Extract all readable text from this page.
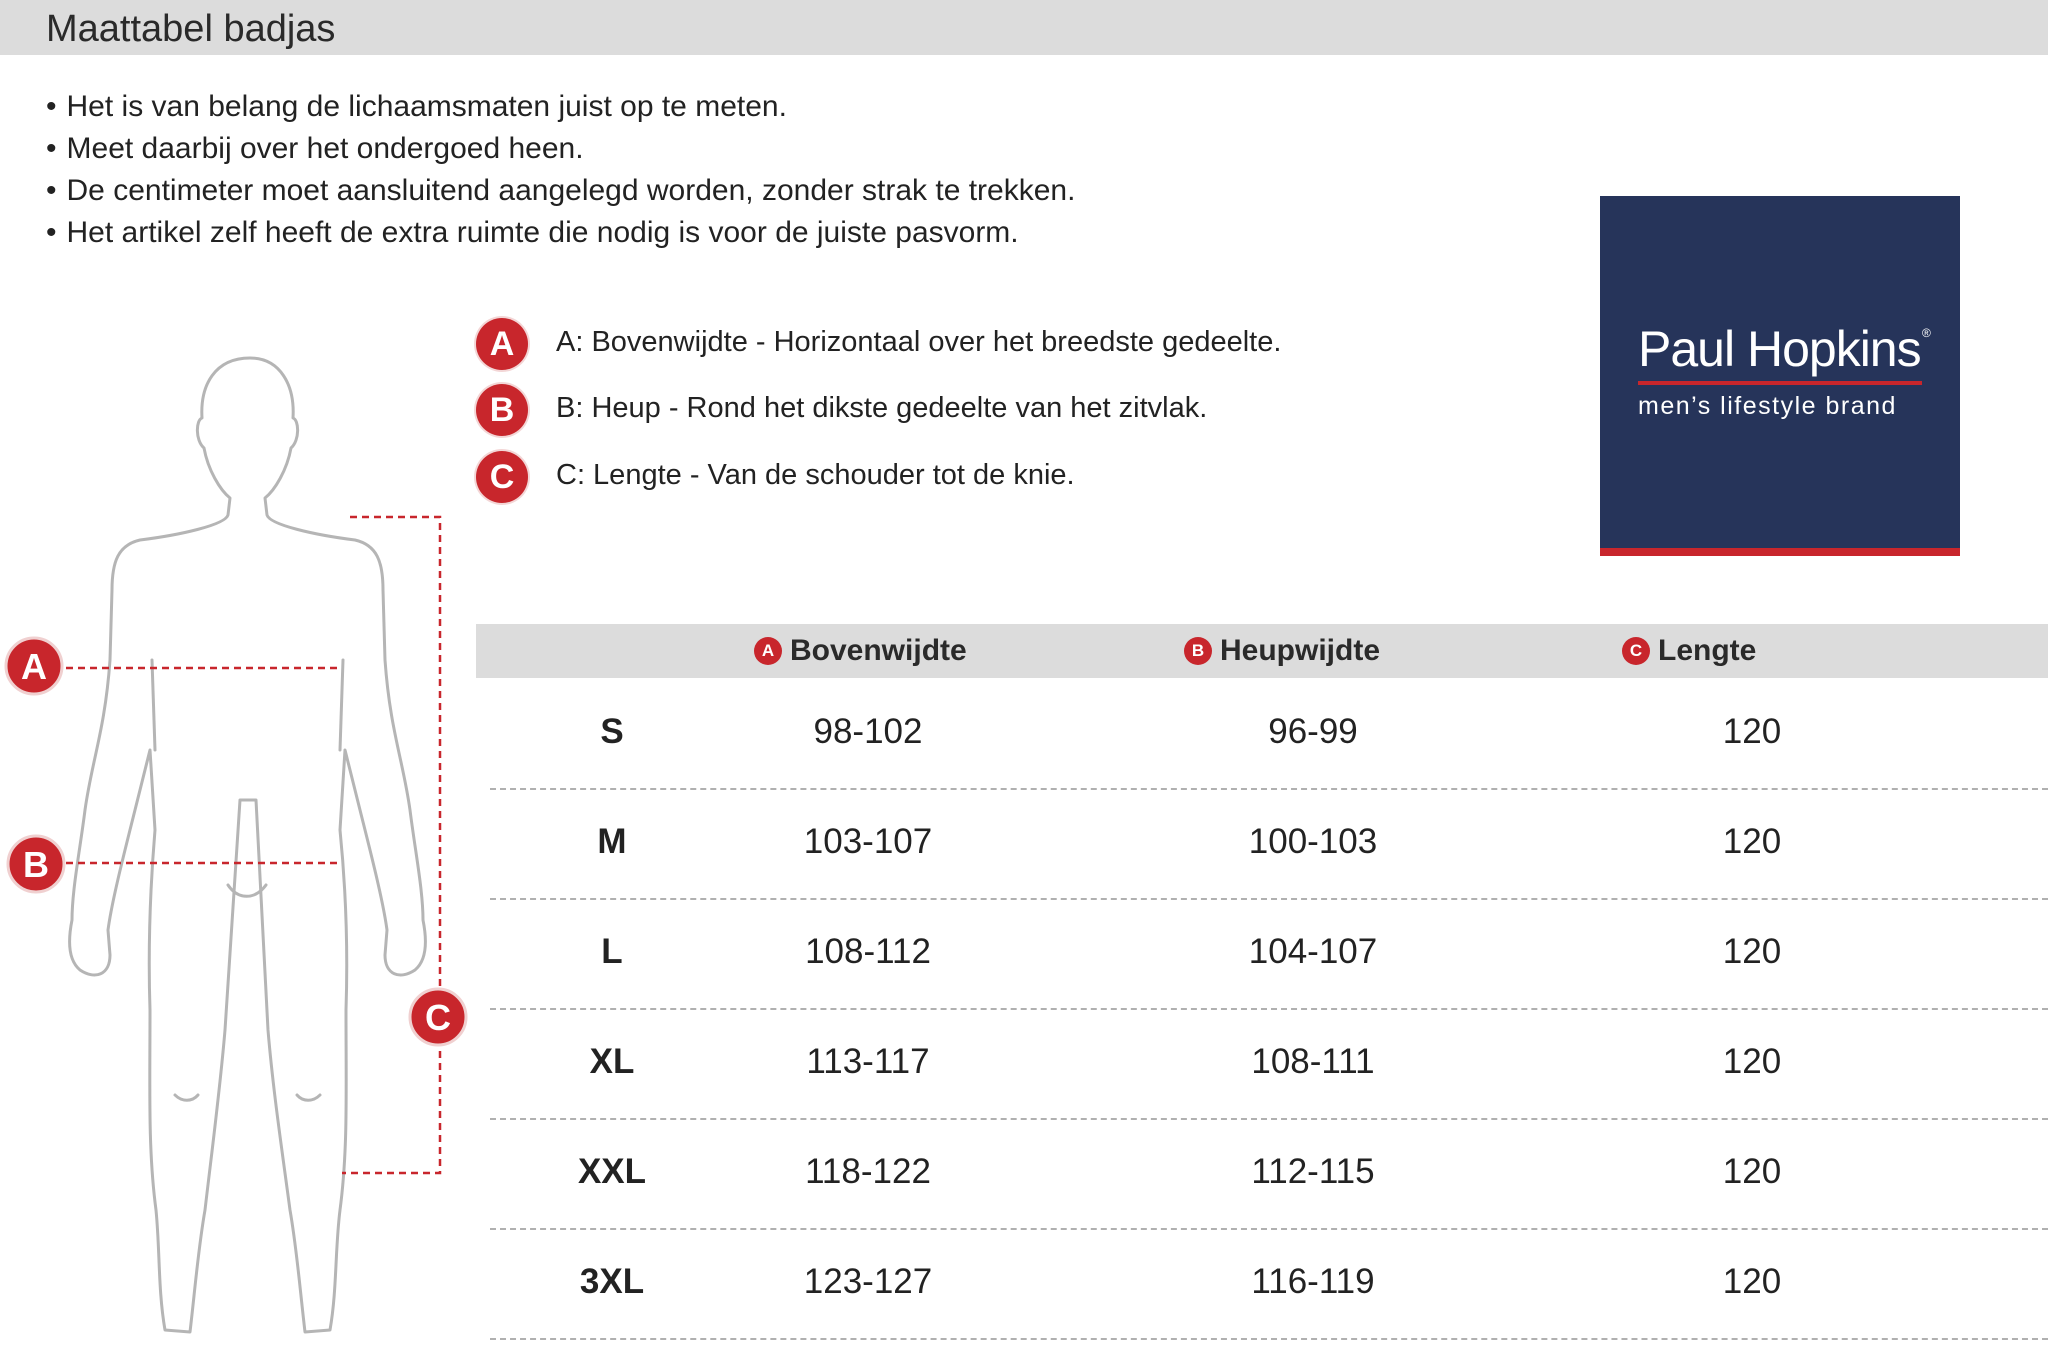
Maattabel badjas
• Het is van belang de lichaamsmaten juist op te meten.
• Meet daarbij over het ondergoed heen.
• De centimeter moet aansluitend aangelegd worden, zonder strak te trekken.
• Het artikel zelf heeft de extra ruimte die nodig is voor de juiste pasvorm.
A
B
C
A	A: Bovenwijdte - Horizontaal over het breedste gedeelte.
B	B: Heup - Rond het dikste gedeelte van het zitvlak.
C	C: Lengte - Van de schouder tot de knie.
Paul Hopkins ®
men’s lifestyle brand
A Bovenwijdte	B Heupwijdte	C Lengte
S	98-102	96-99	120
M	103-107	100-103	120
L	108-112	104-107	120
XL	113-117	108-111	120
XXL	118-122	112-115	120
3XL	123-127	116-119	120
